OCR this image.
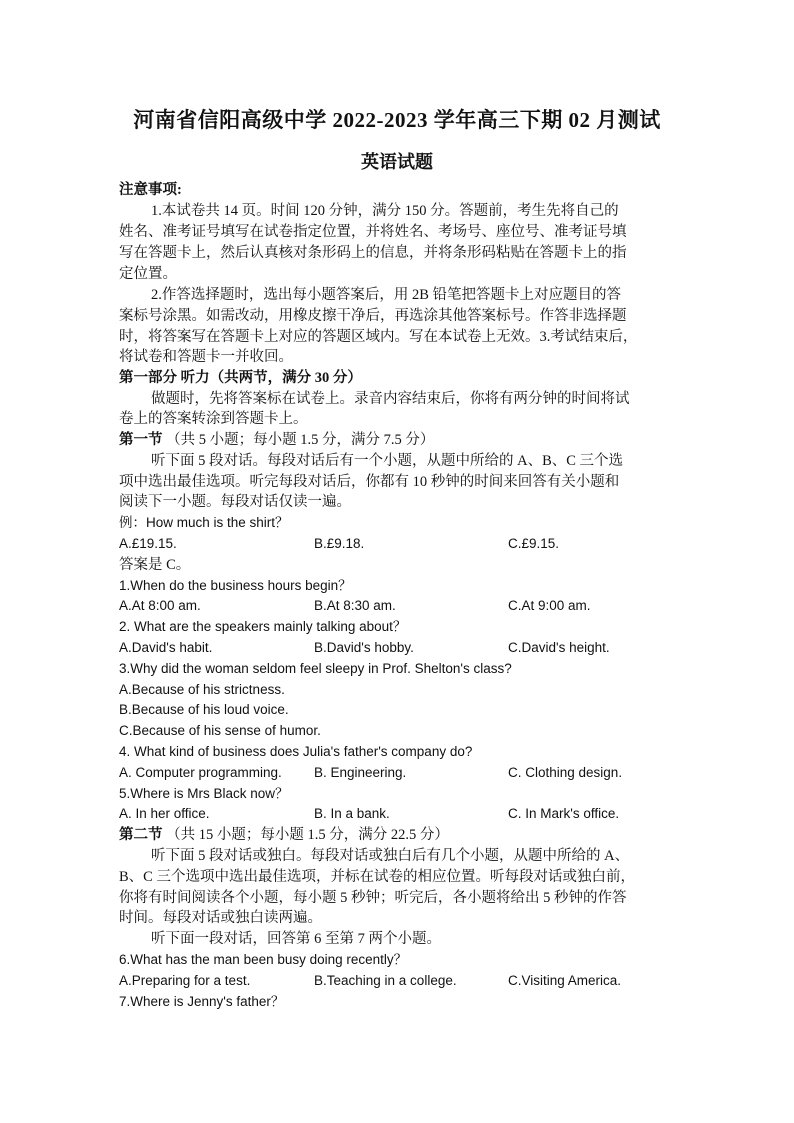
河南省信阳高级中学 2022-2023 学年高三下期 02 月测试
英语试题
注意事项:
1.本试卷共 14 页。时间 120 分钟，满分 150 分。答题前，考生先将自己的
姓名、准考证号填写在试卷指定位置，并将姓名、考场号、座位号、准考证号填
写在答题卡上，然后认真核对条形码上的信息，并将条形码粘贴在答题卡上的指
定位置。
2.作答选择题时，选出每小题答案后，用 2B 铅笔把答题卡上对应题目的答
案标号涂黑。如需改动，用橡皮擦干净后，再选涂其他答案标号。作答非选择题
时，将答案写在答题卡上对应的答题区域内。写在本试卷上无效。3.考试结束后，
将试卷和答题卡一并收回。
第一部分 听力（共两节，满分 30 分）
做题时，先将答案标在试卷上。录音内容结束后，你将有两分钟的时间将试
卷上的答案转涂到答题卡上。
第一节 （共 5 小题；每小题 1.5 分，满分 7.5 分）
听下面 5 段对话。每段对话后有一个小题，从题中所给的 A、B、C 三个选
项中选出最佳选项。听完每段对话后，你都有 10 秒钟的时间来回答有关小题和
阅读下一小题。每段对话仅读一遍。
例：How much is the shirt？
A.£19.15.	B.£9.18.	C.£9.15.
答案是 C。
1.When do the business hours begin？
A.At 8:00 am.	B.At 8:30 am.	C.At 9:00 am.
2. What are the speakers mainly talking about？
A.David's habit.	B.David's hobby.	C.David's height.
3.Why did the woman seldom feel sleepy in Prof. Shelton's class?
A.Because of his strictness.
B.Because of his loud voice.
C.Because of his sense of humor.
4. What kind of business does Julia's father's company do?
A. Computer programming. B. Engineering.	C. Clothing design.
5.Where is Mrs Black now？
A. In her office.	B. In a bank.	C. In Mark's office.
第二节 （共 15 小题；每小题 1.5 分，满分 22.5 分）
听下面 5 段对话或独白。每段对话或独白后有几个小题，从题中所给的 A、
B、C 三个选项中选出最佳选项，并标在试卷的相应位置。听每段对话或独白前，
你将有时间阅读各个小题，每小题 5 秒钟；听完后，各小题将给出 5 秒钟的作答
时间。每段对话或独白读两遍。
听下面一段对话，回答第 6 至第 7 两个小题。
6.What has the man been busy doing recently？
A.Preparing for a test.	B.Teaching in a college.	C.Visiting America.
7.Where is Jenny's father？
